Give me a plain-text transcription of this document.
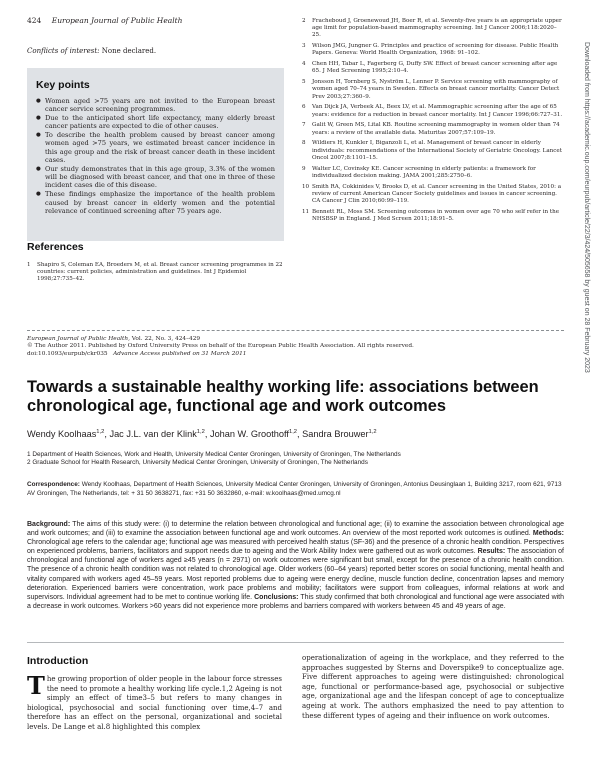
424 European Journal of Public Health
Conflicts of interest: None declared.
Key points
● Women aged >75 years are not invited to the European breast cancer service screening programmes.
● Due to the anticipated short life expectancy, many elderly breast cancer patients are expected to die of other causes.
● To describe the health problem caused by breast cancer among women aged >75 years, we estimated breast cancer incidence in this age group and the risk of breast cancer death in these incident cases.
● Our study demonstrates that in this age group, 3.3% of the women will be diagnosed with breast cancer, and that one in three of these incident cases die of this disease.
● These findings emphasize the importance of the health problem caused by breast cancer in elderly women and the potential relevance of continued screening after 75 years age.
References
1	Shapiro S, Coleman EA, Broeders M, et al. Breast cancer screening programmes in 22 countries: current policies, administration and guidelines. Int J Epidemiol 1998;27:735–42.
2	Fracheboud J, Groenewoud JH, Boer R, et al. Seventy-five years is an appropriate upper age limit for population-based mammography screening. Int J Cancer 2006;118:2020–25.
3	Wilson JMG, Jungner G. Principles and practice of screening for disease. Public Health Papers. Geneva: World Health Organization, 1968: 91–102.
4	Chen HH, Tabar L, Fagerberg G, Duffy SW. Effect of breast cancer screening after age 65. J Med Screening 1995;2:10–4.
5	Jonsson H, Tornberg S, Nyström L, Lenner P. Service screening with mammography of women aged 70–74 years in Sweden. Effects on breast cancer mortality. Cancer Detect Prev 2003;27:360–9.
6	Van Dijck JA, Verbeek AL, Beex LV, et al. Mammographic screening after the age of 65 years: evidence for a reduction in breast cancer mortality. Int J Cancer 1996;66:727–31.
7	Galit W, Green MS, Lital KB. Routine screening mammography in women older than 74 years: a review of the available data. Maturitas 2007;57:109–19.
8	Wildiers H, Kunkler I, Biganzoli L, et al. Management of breast cancer in elderly individuals: recommendations of the International Society of Geriatric Oncology. Lancet Oncol 2007;8:1101–15.
9	Walter LC, Covinsky KE. Cancer screening in elderly patients: a framework for individualized decision making. JAMA 2001;285:2750–6.
10 Smith RA, Cokkinides V, Brooks D, et al. Cancer screening in the United States, 2010: a review of current American Cancer Society guidelines and issues in cancer screening. CA Cancer J Clin 2010;60:99–119.
11 Bennett RL, Moss SM. Screening outcomes in women over age 70 who self refer in the NHSBSP in England. J Med Screen 2011;18:91–5.	Downloaded from https://academic.oup.com/eurpub/article/22/3/424/505658 by guest on 28 February 2023
European Journal of Public Health, Vol. 22, No. 3, 424–429
© The Author 2011. Published by Oxford University Press on behalf of the European Public Health Association. All rights reserved.
doi:10.1093/eurpub/ckr035 Advance Access published on 31 March 2011
Towards a sustainable healthy working life: associations between chronological age, functional age and work outcomes
Wendy Koolhaas$^{1,2}$, Jac J.L. van der Klink$^{1,2}$, Johan W. Groothoff$^{1,2}$, Sandra Brouwer$^{1,2}$
1 Department of Health Sciences, Work and Health, University Medical Center Groningen, University of Groningen, The Netherlands
2 Graduate School for Health Research, University Medical Center Groningen, University of Groningen, The Netherlands
Correspondence: Wendy Koolhaas, Department of Health Sciences, University Medical Center Groningen, University of Groningen, Antonius Deusinglaan 1, Building 3217, room 621, 9713 AV Groningen, The Netherlands, tel: + 31 50 3638271, fax: +31 50 3632860, e-mail: w.koolhaas@med.umcg.nl
Background: The aims of this study were: (i) to determine the relation between chronological and functional age; (ii) to examine the association between chronological age and work outcomes; and (iii) to examine the association between functional age and work outcomes. An overview of the most reported work outcomes is outlined. Methods: Chronological age refers to the calendar age; functional age was measured with perceived health status (SF-36) and the presence of a chronic health condition. Perspectives on experienced problems, barriers, facilitators and support needs due to ageing and the Work Ability Index were gathered out as work outcomes. Results: The association of chronological and functional age of workers aged ≥45 years (n = 2971) on work outcomes were significant but small, except for the presence of a chronic health condition. The presence of a chronic health condition was not related to chronological age. Older workers (60–64 years) reported better scores on social functioning, mental health and vitality compared with workers aged 45–59 years. Most reported problems due to ageing were energy decline, muscle function decline, concentration lapses and memory deterioration. Experienced barriers were concentration, work pace problems and mobility; facilitators were support from colleagues, informal relations at work and supervisors. Individual agreement had to be met to continue working life. Conclusions: This study confirmed that both chronological and functional age were associated with a decrease in work outcomes. Workers >60 years did not experience more problems and barriers compared with workers between 45 and 49 years of age.
Introduction
The growing proportion of older people in the labour force stresses the need to promote a healthy working life cycle.1,2 Ageing is not simply an effect of time3–5 but refers to many changes in biological, psychosocial and social functioning over time,4–7 and therefore has an effect on the personal, organizational and societal levels. De Lange et al.8 highlighted this complex
operationalization of ageing in the workplace, and they referred to the approaches suggested by Sterns and Doverspike9 to conceptualize age. Five different approaches to ageing were distinguished: chronological age, functional or performance-based age, psychosocial or subjective age, organizational age and the lifespan concept of age to conceptualize ageing at work. The authors emphasized the need to pay attention to these different types of ageing and their influence on work outcomes.
